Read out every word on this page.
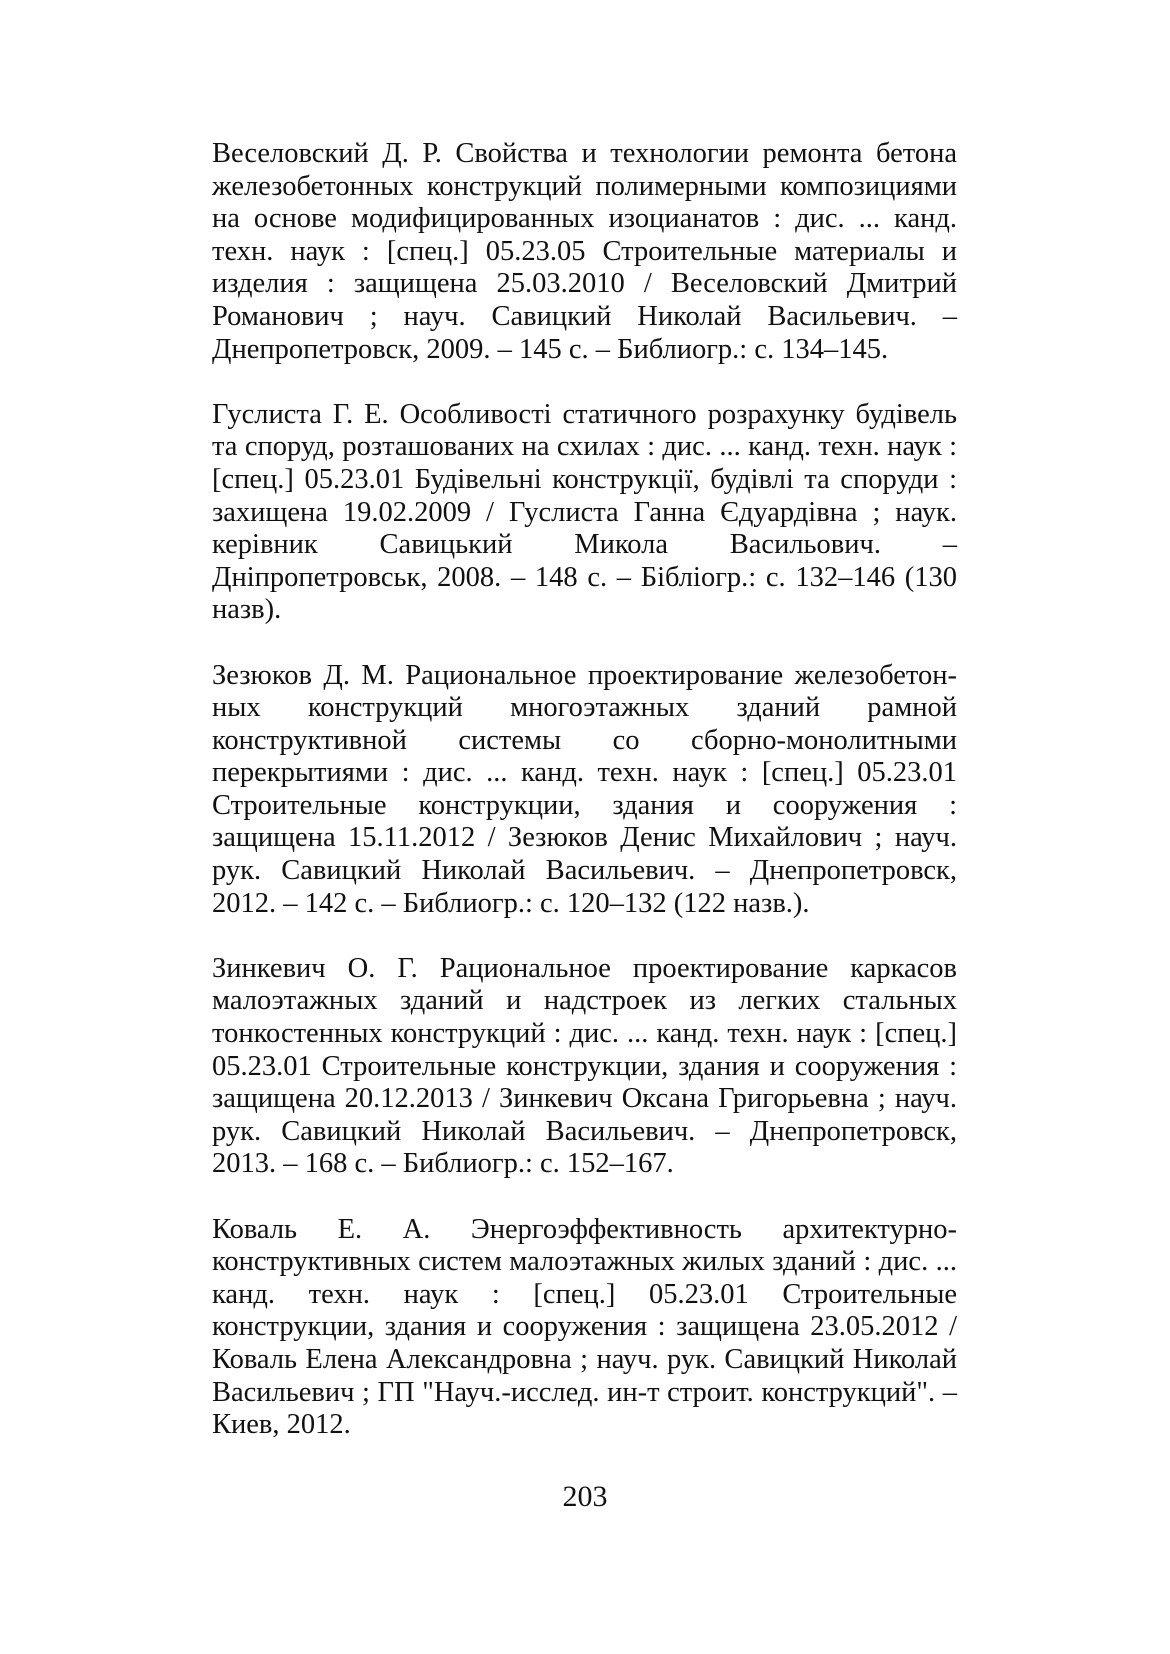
Веселовский Д. Р. Свойства и технологии ремонта бетона железобетонных конструкций полимерными композициями на основе модифицированных изоцианатов : дис. ... канд. техн. наук : [спец.] 05.23.05 Строительные материалы и изделия : защищена 25.03.2010 / Веселовский Дмитрий Романович ; науч. Савицкий Николай Васильевич. – Днепропетровск, 2009. – 145 с. – Библиогр.: с. 134–145.

Гуслиста Г. Е. Особливості статичного розрахунку будівель та споруд, розташованих на схилах : дис. ... канд. техн. наук : [спец.] 05.23.01 Будівельні конструкції, будівлі та споруди : захищена 19.02.2009 / Гуслиста Ганна Єдуардівна ; наук. керівник Савицький Микола Васильович. – Дніпропетровськ, 2008. – 148 с. – Бібліогр.: с. 132–146 (130 назв).

Зезюков Д. М. Рациональное проектирование железобетонных конструкций многоэтажных зданий рамной конструктивной системы со сборно-монолитными перекрытиями : дис. ... канд. техн. наук : [спец.] 05.23.01 Строительные конструкции, здания и сооружения : защищена 15.11.2012 / Зезюков Денис Михайлович ; науч. рук. Савицкий Николай Васильевич. – Днепропетровск, 2012. – 142 с. – Библиогр.: с. 120–132 (122 назв.).

Зинкевич О. Г. Рациональное проектирование каркасов малоэтажных зданий и надстроек из легких стальных тонкостенных конструкций : дис. ... канд. техн. наук : [спец.] 05.23.01 Строительные конструкции, здания и сооружения : защищена 20.12.2013 / Зинкевич Оксана Григорьевна ; науч. рук. Савицкий Николай Васильевич. – Днепропетровск, 2013. – 168 с. – Библиогр.: с. 152–167.

Коваль Е. А. Энергоэффективность архитектурно-конструктивных систем малоэтажных жилых зданий : дис. ... канд. техн. наук : [спец.] 05.23.01 Строительные конструкции, здания и сооружения : защищена 23.05.2012 / Коваль Елена Александровна ; науч. рук. Савицкий Николай Васильевич ; ГП "Науч.-исслед. ин-т строит. конструкций". – Киев, 2012.

203
